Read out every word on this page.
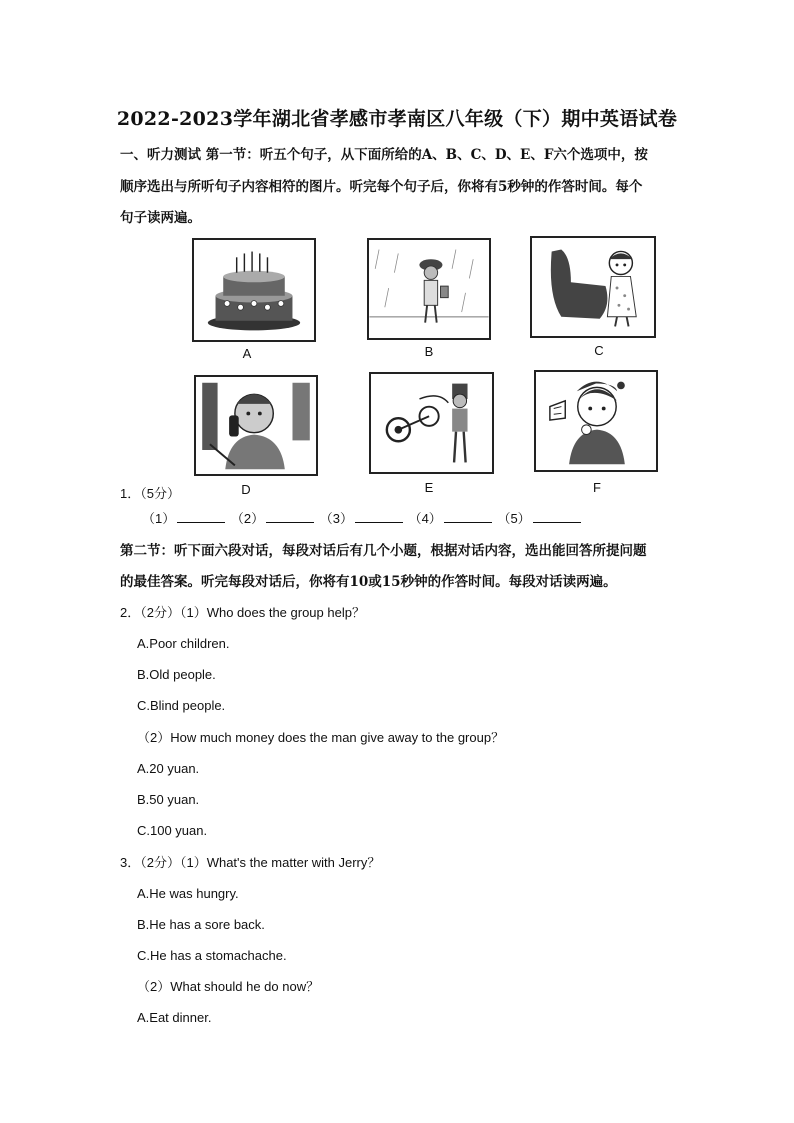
2022-2023学年湖北省孝感市孝南区八年级（下）期中英语试卷
一、听力测试 第一节：听五个句子，从下面所给的A、B、C、D、E、F六个选项中，按
顺序选出与所听句子内容相符的图片。听完每个句子后，你将有5秒钟的作答时间。每个
句子读两遍。
A	B	C
D	E	F
1．（5分）
（1）	（2）	（3）	（4）	（5）
第二节：听下面六段对话，每段对话后有几个小题，根据对话内容，选出能回答所提问题
的最佳答案。听完每段对话后，你将有10或15秒钟的作答时间。每段对话读两遍。
2．（2分）（1）Who does the group help？
A.Poor children.
B.Old people.
C.Blind people.
（2）How much money does the man give away to the group？
A.20 yuan.
B.50 yuan.
C.100 yuan.
3．（2分）（1）What's the matter with Jerry？
A.He was hungry.
B.He has a sore back.
C.He has a stomachache.
（2）What should he do now？
A.Eat dinner.
